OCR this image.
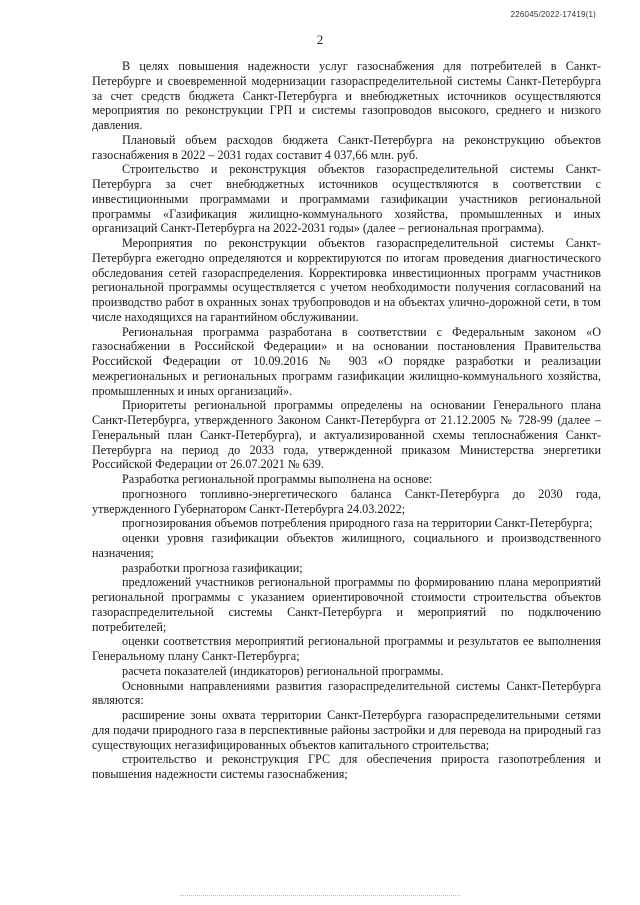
226045/2022-17419(1)
2

В целях повышения надежности услуг газоснабжения для потребителей в Санкт-Петербурге и своевременной модернизации газораспределительной системы Санкт-Петербурга за счет средств бюджета Санкт-Петербурга и внебюджетных источников осуществляются мероприятия по реконструкции ГРП и системы газопроводов высокого, среднего и низкого давления.

Плановый объем расходов бюджета Санкт-Петербурга на реконструкцию объектов газоснабжения в 2022 – 2031 годах составит 4 037,66 млн. руб.

Строительство и реконструкция объектов газораспределительной системы Санкт-Петербурга за счет внебюджетных источников осуществляются в соответствии с инвестиционными программами и программами газификации участников региональной программы «Газификация жилищно-коммунального хозяйства, промышленных и иных организаций Санкт-Петербурга на 2022-2031 годы» (далее – региональная программа).

Мероприятия по реконструкции объектов газораспределительной системы Санкт-Петербурга ежегодно определяются и корректируются по итогам проведения диагностического обследования сетей газораспределения. Корректировка инвестиционных программ участников региональной программы осуществляется с учетом необходимости получения согласований на производство работ в охранных зонах трубопроводов и на объектах улично-дорожной сети, в том числе находящихся на гарантийном обслуживании.

Региональная программа разработана в соответствии с Федеральным законом «О газоснабжении в Российской Федерации» и на основании постановления Правительства Российской Федерации от 10.09.2016 № 903 «О порядке разработки и реализации межрегиональных и региональных программ газификации жилищно-коммунального хозяйства, промышленных и иных организаций».

Приоритеты региональной программы определены на основании Генерального плана Санкт-Петербурга, утвержденного Законом Санкт-Петербурга от 21.12.2005 № 728-99 (далее – Генеральный план Санкт-Петербурга), и актуализированной схемы теплоснабжения Санкт-Петербурга на период до 2033 года, утвержденной приказом Министерства энергетики Российской Федерации от 26.07.2021 № 639.

Разработка региональной программы выполнена на основе:

прогнозного топливно-энергетического баланса Санкт-Петербурга до 2030 года, утвержденного Губернатором Санкт-Петербурга 24.03.2022;

прогнозирования объемов потребления природного газа на территории Санкт-Петербурга;

оценки уровня газификации объектов жилищного, социального и производственного назначения;

разработки прогноза газификации;

предложений участников региональной программы по формированию плана мероприятий региональной программы с указанием ориентировочной стоимости строительства объектов газораспределительной системы Санкт-Петербурга и мероприятий по подключению потребителей;

оценки соответствия мероприятий региональной программы и результатов ее выполнения Генеральному плану Санкт-Петербурга;

расчета показателей (индикаторов) региональной программы.

Основными направлениями развития газораспределительной системы Санкт-Петербурга являются:

расширение зоны охвата территории Санкт-Петербурга газораспределительными сетями для подачи природного газа в перспективные районы застройки и для перевода на природный газ существующих негазифицированных объектов капитального строительства;

строительство и реконструкция ГРС для обеспечения прироста газопотребления и повышения надежности системы газоснабжения;
